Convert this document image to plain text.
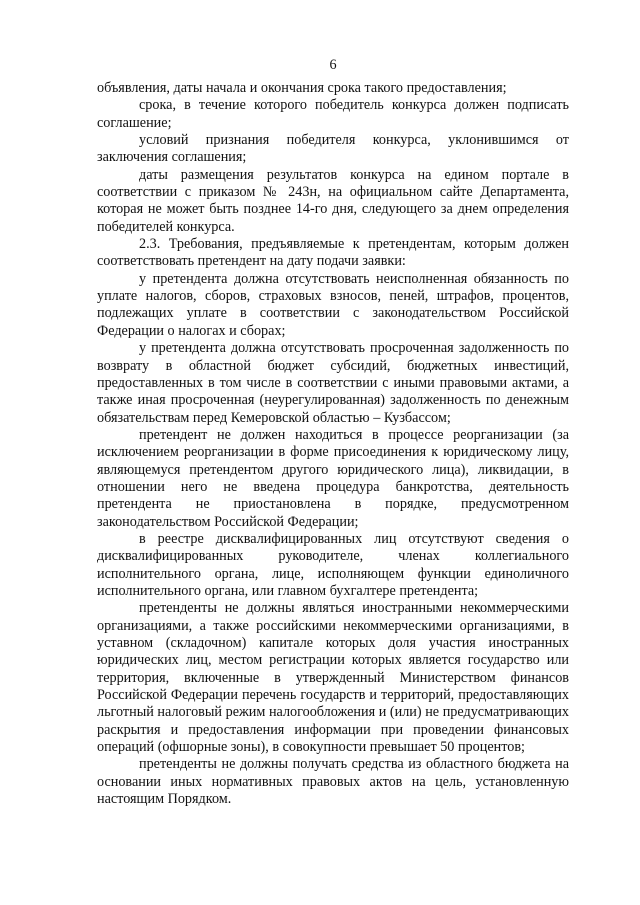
6

объявления, даты начала и окончания срока такого предоставления;

срока, в течение которого победитель конкурса должен подписать соглашение;

условий признания победителя конкурса, уклонившимся от заключения соглашения;

даты размещения результатов конкурса на едином портале в соответствии с приказом № 243н, на официальном сайте Департамента, которая не может быть позднее 14-го дня, следующего за днем определения победителей конкурса.

2.3. Требования, предъявляемые к претендентам, которым должен соответствовать претендент на дату подачи заявки:

у претендента должна отсутствовать неисполненная обязанность по уплате налогов, сборов, страховых взносов, пеней, штрафов, процентов, подлежащих уплате в соответствии с законодательством Российской Федерации о налогах и сборах;

у претендента должна отсутствовать просроченная задолженность по возврату в областной бюджет субсидий, бюджетных инвестиций, предоставленных в том числе в соответствии с иными правовыми актами, а также иная просроченная (неурегулированная) задолженность по денежным обязательствам перед Кемеровской областью – Кузбассом;

претендент не должен находиться в процессе реорганизации (за исключением реорганизации в форме присоединения к юридическому лицу, являющемуся претендентом другого юридического лица), ликвидации, в отношении него не введена процедура банкротства, деятельность претендента не приостановлена в порядке, предусмотренном законодательством Российской Федерации;

в реестре дисквалифицированных лиц отсутствуют сведения о дисквалифицированных руководителе, членах коллегиального исполнительного органа, лице, исполняющем функции единоличного исполнительного органа, или главном бухгалтере претендента;

претенденты не должны являться иностранными некоммерческими организациями, а также российскими некоммерческими организациями, в уставном (складочном) капитале которых доля участия иностранных юридических лиц, местом регистрации которых является государство или территория, включенные в утвержденный Министерством финансов Российской Федерации перечень государств и территорий, предоставляющих льготный налоговый режим налогообложения и (или) не предусматривающих раскрытия и предоставления информации при проведении финансовых операций (офшорные зоны), в совокупности превышает 50 процентов;

претенденты не должны получать средства из областного бюджета на основании иных нормативных правовых актов на цель, установленную настоящим Порядком.
